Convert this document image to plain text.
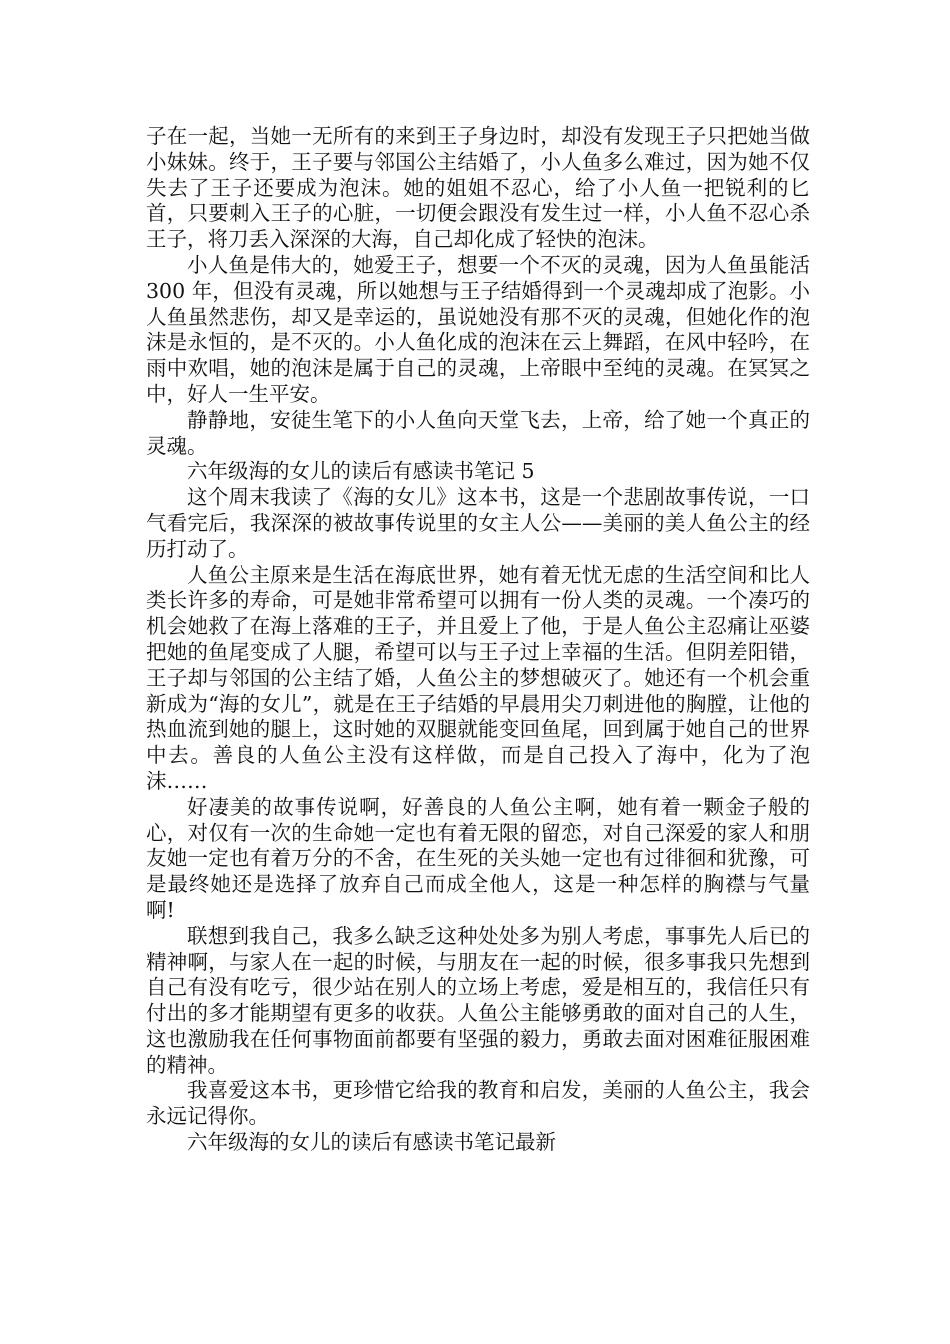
子在一起，当她一无所有的来到王子身边时，却没有发现王子只把她当做小妹妹。终于，王子要与邻国公主结婚了，小人鱼多么难过，因为她不仅失去了王子还要成为泡沫。她的姐姐不忍心，给了小人鱼一把锐利的匕首，只要刺入王子的心脏，一切便会跟没有发生过一样，小人鱼不忍心杀王子，将刀丢入深深的大海，自己却化成了轻快的泡沫。

小人鱼是伟大的，她爱王子，想要一个不灭的灵魂，因为人鱼虽能活 300 年，但没有灵魂，所以她想与王子结婚得到一个灵魂却成了泡影。小人鱼虽然悲伤，却又是幸运的，虽说她没有那不灭的灵魂，但她化作的泡沫是永恒的，是不灭的。小人鱼化成的泡沫在云上舞蹈，在风中轻吟，在雨中欢唱，她的泡沫是属于自己的灵魂，上帝眼中至纯的灵魂。在冥冥之中，好人一生平安。

静静地，安徒生笔下的小人鱼向天堂飞去，上帝，给了她一个真正的灵魂。

六年级海的女儿的读后有感读书笔记 5

这个周末我读了《海的女儿》这本书，这是一个悲剧故事传说，一口气看完后，我深深的被故事传说里的女主人公——美丽的美人鱼公主的经历打动了。

人鱼公主原来是生活在海底世界，她有着无忧无虑的生活空间和比人类长许多的寿命，可是她非常希望可以拥有一份人类的灵魂。一个凑巧的机会她救了在海上落难的王子，并且爱上了他，于是人鱼公主忍痛让巫婆把她的鱼尾变成了人腿，希望可以与王子过上幸福的生活。但阴差阳错，王子却与邻国的公主结了婚，人鱼公主的梦想破灭了。她还有一个机会重新成为“海的女儿”，就是在王子结婚的早晨用尖刀刺进他的胸膛，让他的热血流到她的腿上，这时她的双腿就能变回鱼尾，回到属于她自己的世界中去。善良的人鱼公主没有这样做，而是自己投入了海中，化为了泡沫……

好凄美的故事传说啊，好善良的人鱼公主啊，她有着一颗金子般的心，对仅有一次的生命她一定也有着无限的留恋，对自己深爱的家人和朋友她一定也有着万分的不舍，在生死的关头她一定也有过徘徊和犹豫，可是最终她还是选择了放弃自己而成全他人，这是一种怎样的胸襟与气量啊!

联想到我自己，我多么缺乏这种处处多为别人考虑，事事先人后已的精神啊，与家人在一起的时候，与朋友在一起的时候，很多事我只先想到自己有没有吃亏，很少站在别人的立场上考虑，爱是相互的，我信任只有付出的多才能期望有更多的收获。人鱼公主能够勇敢的面对自己的人生，这也激励我在任何事物面前都要有坚强的毅力，勇敢去面对困难征服困难的精神。

我喜爱这本书，更珍惜它给我的教育和启发，美丽的人鱼公主，我会永远记得你。

六年级海的女儿的读后有感读书笔记最新
